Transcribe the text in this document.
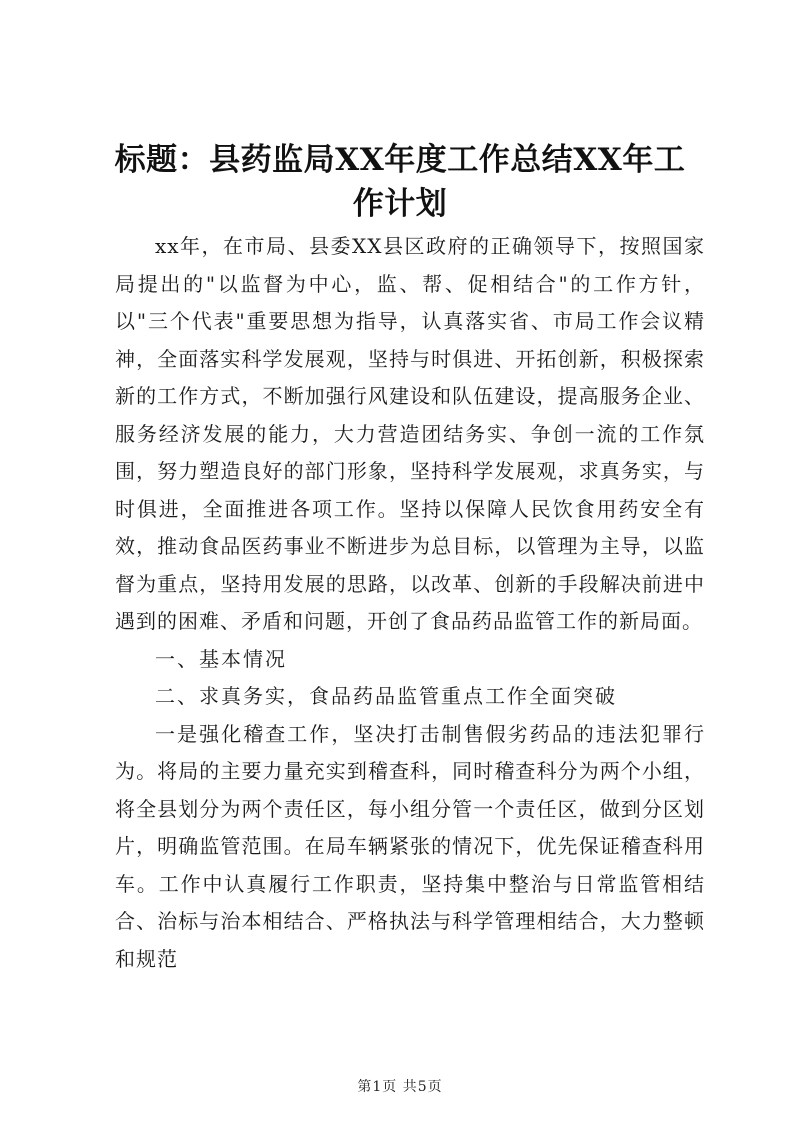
标题：县药监局XX年度工作总结XX年工作计划

xx年，在市局、县委XX县区政府的正确领导下，按照国家局提出的"以监督为中心，监、帮、促相结合"的工作方针，以"三个代表"重要思想为指导，认真落实省、市局工作会议精神，全面落实科学发展观，坚持与时俱进、开拓创新，积极探索新的工作方式，不断加强行风建设和队伍建设，提高服务企业、服务经济发展的能力，大力营造团结务实、争创一流的工作氛围，努力塑造良好的部门形象，坚持科学发展观，求真务实，与时俱进，全面推进各项工作。坚持以保障人民饮食用药安全有效，推动食品医药事业不断进步为总目标，以管理为主导，以监督为重点，坚持用发展的思路，以改革、创新的手段解决前进中遇到的困难、矛盾和问题，开创了食品药品监管工作的新局面。

一、基本情况

二、求真务实，食品药品监管重点工作全面突破

一是强化稽查工作，坚决打击制售假劣药品的违法犯罪行为。将局的主要力量充实到稽查科，同时稽查科分为两个小组，将全县划分为两个责任区，每小组分管一个责任区，做到分区划片，明确监管范围。在局车辆紧张的情况下，优先保证稽查科用车。工作中认真履行工作职责，坚持集中整治与日常监管相结合、治标与治本相结合、严格执法与科学管理相结合，大力整顿和规范

第1页 共5页
